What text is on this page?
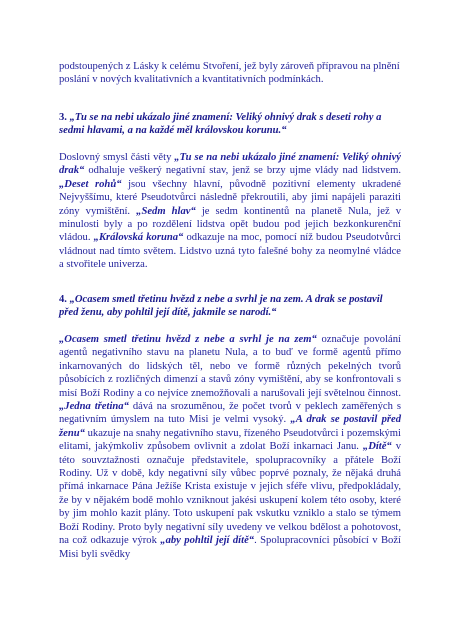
podstoupených z Lásky k celému Stvoření, jež byly zároveň přípravou na plnění poslání v nových kvalitativních a kvantitativních podmínkách.

3. „Tu se na nebi ukázalo jiné znamení: Veliký ohnivý drak s deseti rohy a sedmi hlavami, a na každé měl královskou korunu.“

Doslovný smysl části věty „Tu se na nebi ukázalo jiné znamení: Veliký ohnivý drak“ odhaluje veškerý negativní stav, jenž se brzy ujme vlády nad lidstvem. „Deset rohů“ jsou všechny hlavní, původně pozitivní elementy ukradené Nejvyššímu, které Pseudotvůrci následně překroutili, aby jimi napájeli paraziti zóny vymištění. „Sedm hlav“ je sedm kontinentů na planetě Nula, jež v minulosti byly a po rozdělení lidstva opět budou pod jejich bezkonkurenční vládou. „Královská koruna“ odkazuje na moc, pomocí níž budou Pseudotvůrci vládnout nad tímto světem. Lidstvo uzná tyto falešné bohy za neomylné vládce a stvořitele univerza.

4. „Ocasem smetl třetinu hvězd z nebe a svrhl je na zem. A drak se postavil před ženu, aby pohltil její dítě, jakmile se narodí.“

„Ocasem smetl třetinu hvězd z nebe a svrhl je na zem“ označuje povolání agentů negativního stavu na planetu Nula, a to buď ve formě agentů přímo inkarnovaných do lidských těl, nebo ve formě různých pekelných tvorů působících z rozličných dimenzí a stavů zóny vymištění, aby se konfrontovali s misí Boží Rodiny a co nejvíce znemožňovali a narušovali její světelnou činnost. „Jedna třetina“ dává na srozuměnou, že počet tvorů v peklech zaměřených s negativním úmyslem na tuto Misi je velmi vysoký. „A drak se postavil před ženu“ ukazuje na snahy negativního stavu, řízeného Pseudotvůrci i pozemskými elitami, jakýmkoliv způsobem ovlivnit a zdolat Boží inkarnaci Janu. „Dítě“ v této souvztažnosti označuje představitele, spolupracovníky a přátele Boží Rodiny. Už v době, kdy negativní síly vůbec poprvé poznaly, že nějaká druhá přímá inkarnace Pána Ježíše Krista existuje v jejich sféře vlivu, předpokládaly, že by v nějakém bodě mohlo vzniknout jakési uskupení kolem této osoby, které by jim mohlo kazit plány. Toto uskupení pak vskutku vzniklo a stalo se týmem Boží Rodiny. Proto byly negativní síly uvedeny ve velkou bdělost a pohotovost, na což odkazuje výrok „aby pohltil její dítě“. Spolupracovníci působící v Boží Misi byli svědky
